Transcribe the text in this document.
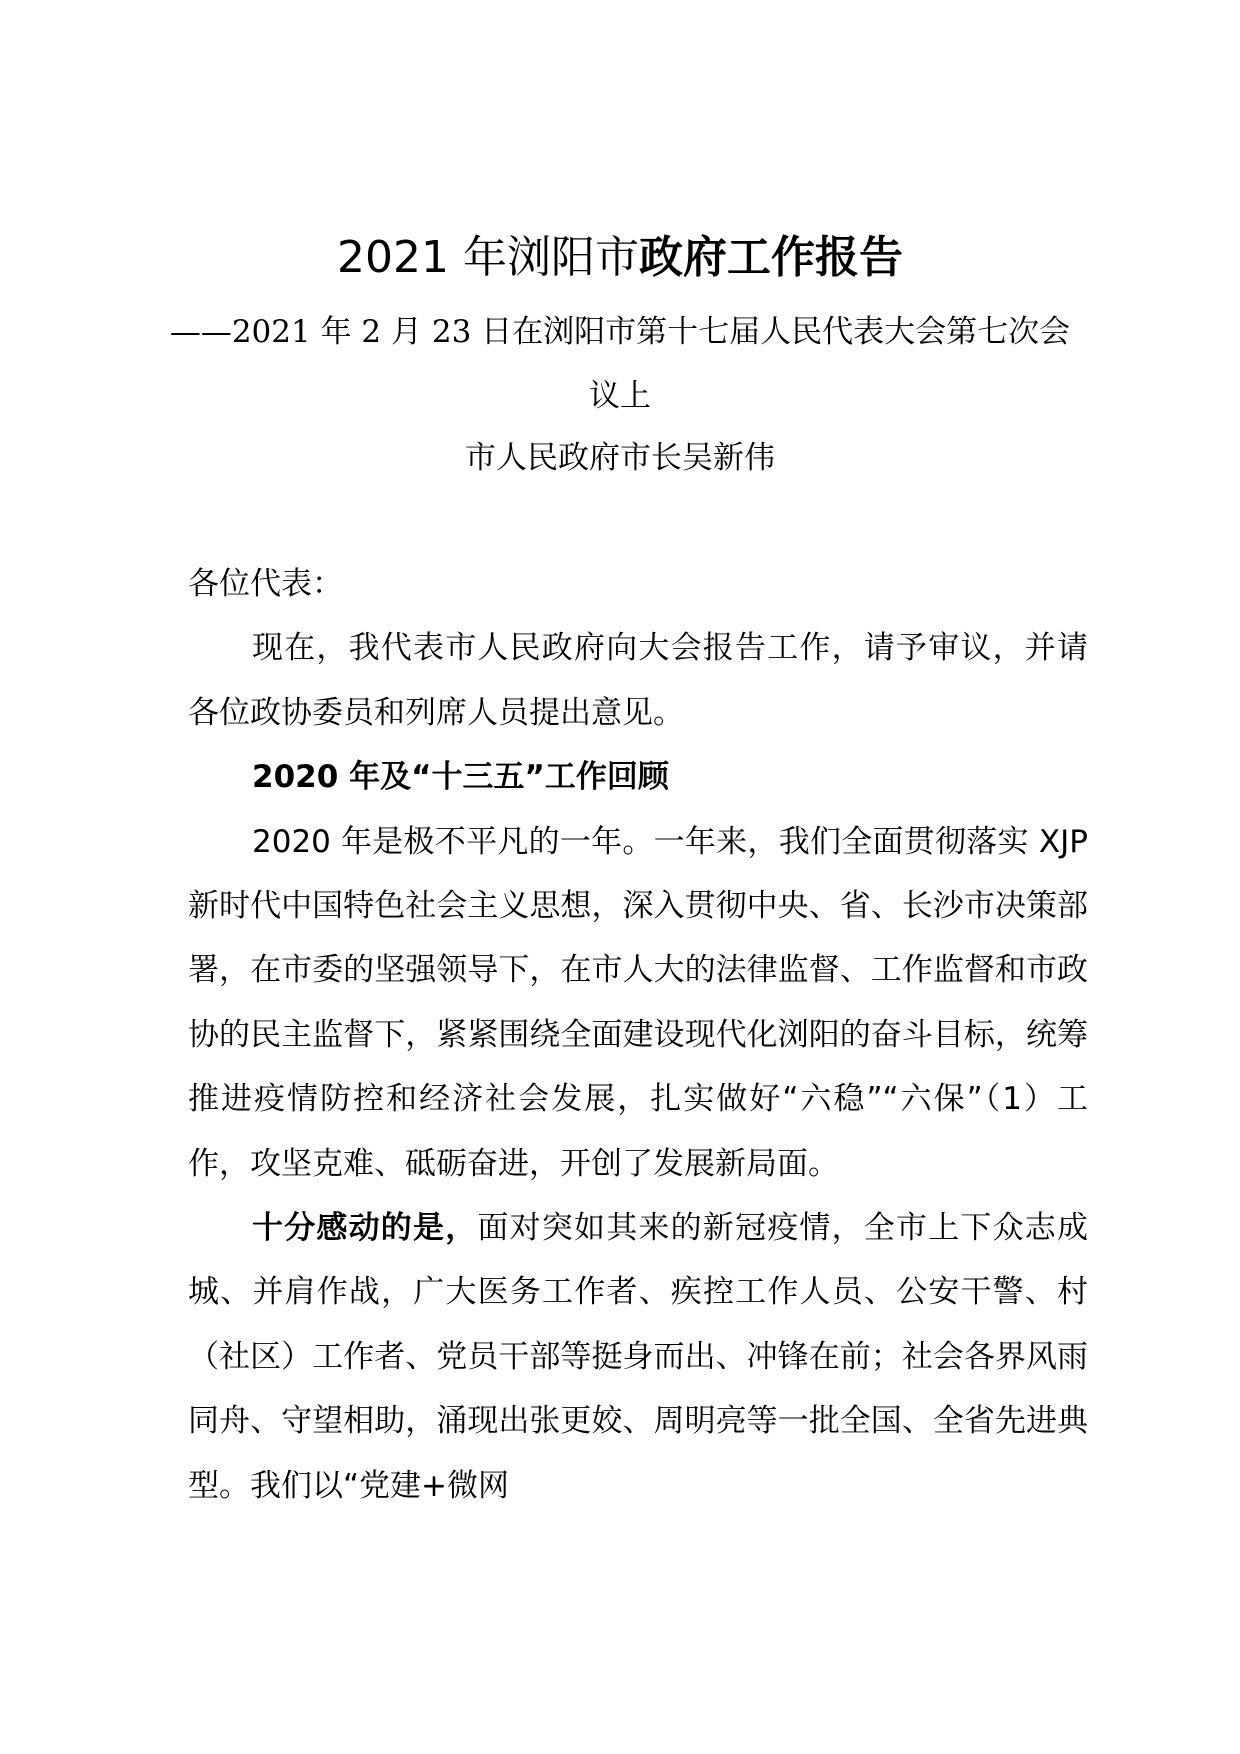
2021 年浏阳市政府工作报告
——2021 年 2 月 23 日在浏阳市第十七届人民代表大会第七次会议上
市人民政府市长吴新伟

各位代表：

现在，我代表市人民政府向大会报告工作，请予审议，并请各位政协委员和列席人员提出意见。

2020 年及“十三五”工作回顾

2020 年是极不平凡的一年。一年来，我们全面贯彻落实 XJP 新时代中国特色社会主义思想，深入贯彻中央、省、长沙市决策部署，在市委的坚强领导下，在市人大的法律监督、工作监督和市政协的民主监督下，紧紧围绕全面建设现代化浏阳的奋斗目标，统筹推进疫情防控和经济社会发展，扎实做好“六稳”“六保”（1）工作，攻坚克难、砥砺奋进，开创了发展新局面。

十分感动的是，面对突如其来的新冠疫情，全市上下众志成城、并肩作战，广大医务工作者、疾控工作人员、公安干警、村（社区）工作者、党员干部等挺身而出、冲锋在前；社会各界风雨同舟、守望相助，涌现出张更姣、周明亮等一批全国、全省先进典型。我们以“党建+微网
